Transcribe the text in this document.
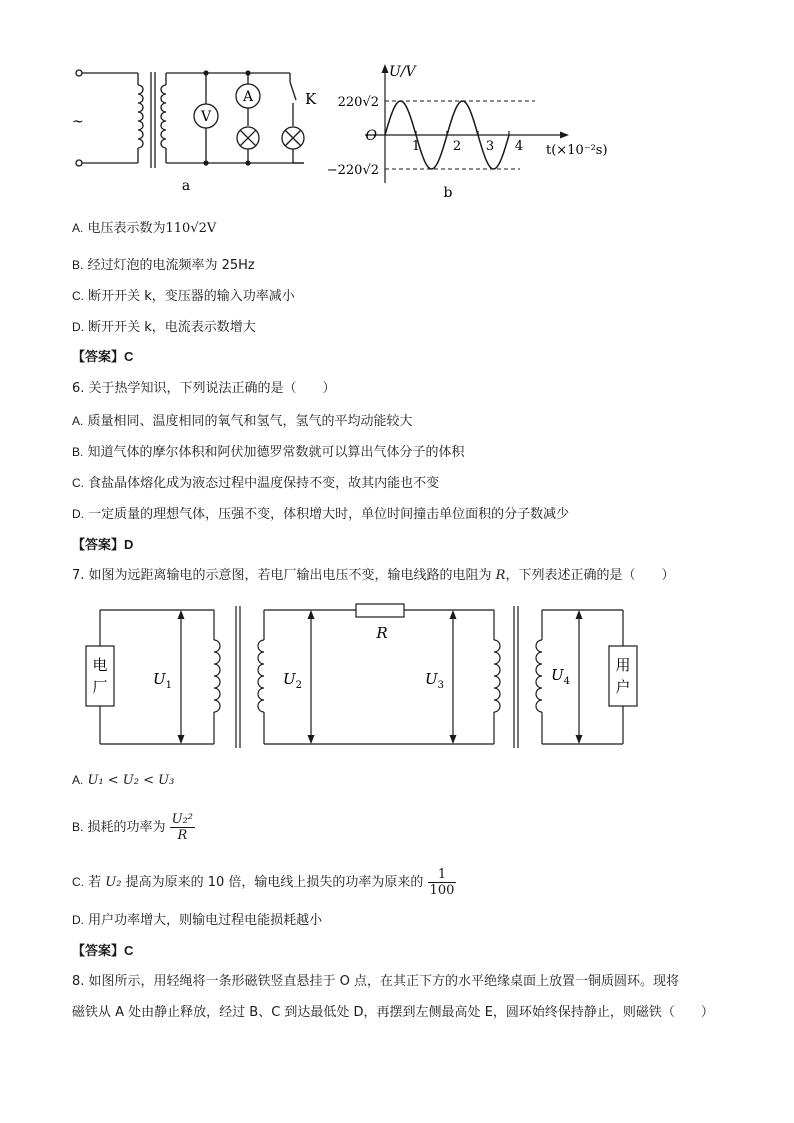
V
A	K
~
a
U/V
220√2
−220√2
O
1	2 3 4 t(×10⁻²s)
b
A. 电压表示数为110√2V
B. 经过灯泡的电流频率为 25Hz
C. 断开开关 k，变压器的输入功率减小
D. 断开开关 k，电流表示数增大
【答案】C
6. 关于热学知识，下列说法正确的是（　　）
A. 质量相同、温度相同的氧气和氢气，氢气的平均动能较大
B. 知道气体的摩尔体积和阿伏加德罗常数就可以算出气体分子的体积
C. 食盐晶体熔化成为液态过程中温度保持不变，故其内能也不变
D. 一定质量的理想气体，压强不变，体积增大时，单位时间撞击单位面积的分子数减少
【答案】D
7. 如图为远距离输电的示意图，若电厂输出电压不变，输电线路的电阻为 R，下列表述正确的是（　　）
电
厂
用
户
R
$U_1$	$U_2$	$U_3$
$U_4$
A. U₁ < U₂ < U₃
B. 损耗的功率为 $\frac{\text{U₂²}}{R}$
C. 若 U₂ 提高为原来的 10 倍，输电线上损失的功率为原来的 $\frac{1}{100}$
D. 用户功率增大，则输电过程电能损耗越小
【答案】C
8. 如图所示，用轻绳将一条形磁铁竖直悬挂于 O 点，在其正下方的水平绝缘桌面上放置一铜质圆环。现将
磁铁从 A 处由静止释放，经过 B、C 到达最低处 D，再摆到左侧最高处 E，圆环始终保持静止，则磁铁（　　）
